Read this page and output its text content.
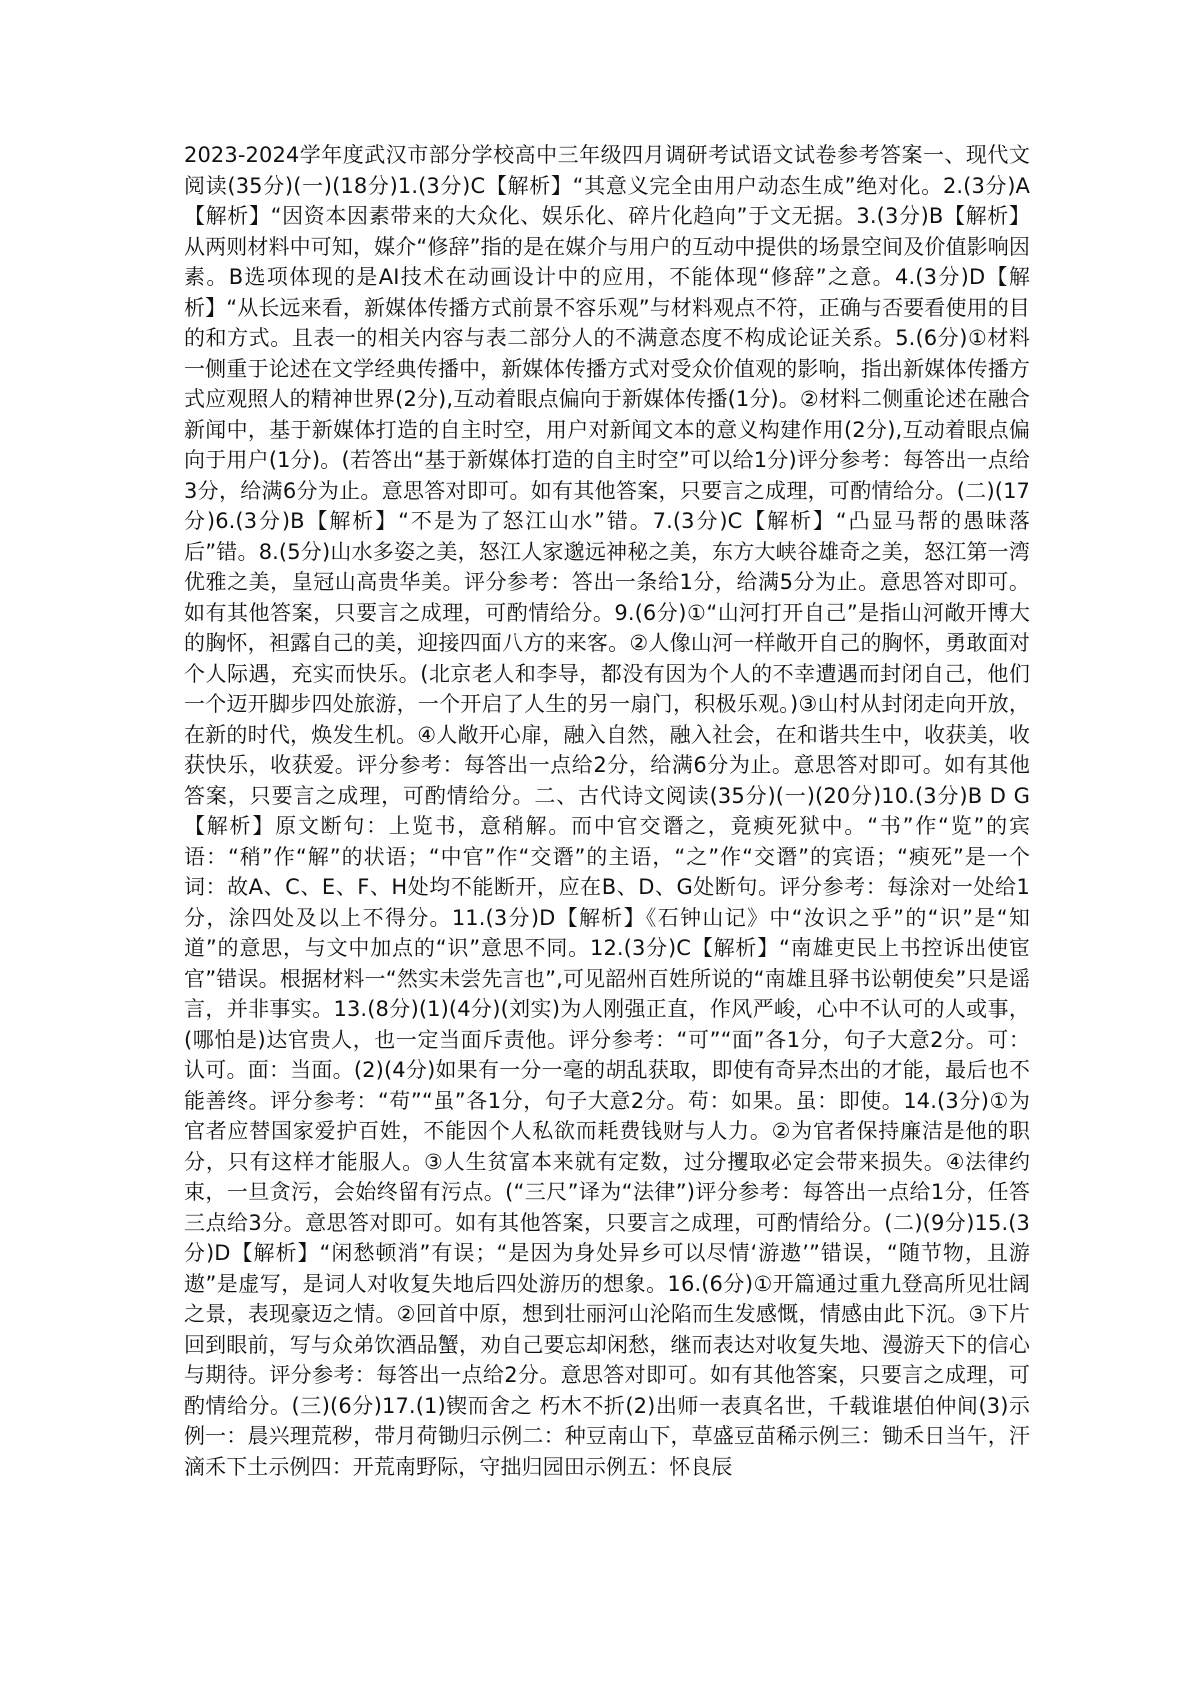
2023-2024学年度武汉市部分学校高中三年级四月调研考试语文试卷参考答案一、现代文阅读(35分)(一)(18分)1.(3分)C【解析】“其意义完全由用户动态生成”绝对化。2.(3分)A【解析】“因资本因素带来的大众化、娱乐化、碎片化趋向”于文无据。3.(3分)B【解析】从两则材料中可知，媒介“修辞”指的是在媒介与用户的互动中提供的场景空间及价值影响因素。B选项体现的是AI技术在动画设计中的应用，不能体现“修辞”之意。4.(3分)D【解析】“从长远来看，新媒体传播方式前景不容乐观”与材料观点不符，正确与否要看使用的目的和方式。且表一的相关内容与表二部分人的不满意态度不构成论证关系。5.(6分)①材料一侧重于论述在文学经典传播中，新媒体传播方式对受众价值观的影响，指出新媒体传播方式应观照人的精神世界(2分),互动着眼点偏向于新媒体传播(1分)。②材料二侧重论述在融合新闻中，基于新媒体打造的自主时空，用户对新闻文本的意义构建作用(2分),互动着眼点偏向于用户(1分)。(若答出“基于新媒体打造的自主时空”可以给1分)评分参考：每答出一点给3分，给满6分为止。意思答对即可。如有其他答案，只要言之成理，可酌情给分。(二)(17分)6.(3分)B【解析】“不是为了怒江山水”错。7.(3分)C【解析】“凸显马帮的愚昧落后”错。8.(5分)山水多姿之美，怒江人家邈远神秘之美，东方大峡谷雄奇之美，怒江第一湾优雅之美，皇冠山高贵华美。评分参考：答出一条给1分，给满5分为止。意思答对即可。如有其他答案，只要言之成理，可酌情给分。9.(6分)①“山河打开自己”是指山河敞开博大的胸怀，袒露自己的美，迎接四面八方的来客。②人像山河一样敞开自己的胸怀，勇敢面对个人际遇，充实而快乐。(北京老人和李导，都没有因为个人的不幸遭遇而封闭自己，他们一个迈开脚步四处旅游，一个开启了人生的另一扇门，积极乐观。)③山村从封闭走向开放，在新的时代，焕发生机。④人敞开心扉，融入自然，融入社会，在和谐共生中，收获美，收获快乐，收获爱。评分参考：每答出一点给2分，给满6分为止。意思答对即可。如有其他答案，只要言之成理，可酌情给分。二、古代诗文阅读(35分)(一)(20分)10.(3分)B D G【解析】原文断句：上览书，意稍解。而中官交谮之，竟瘐死狱中。“书”作“览”的宾语：“稍”作“解”的状语；“中官”作“交谮”的主语，“之”作“交谮”的宾语；“瘐死”是一个词：故A、C、E、F、H处均不能断开，应在B、D、G处断句。评分参考：每涂对一处给1分，涂四处及以上不得分。11.(3分)D【解析】《石钟山记》中“汝识之乎”的“识”是“知道”的意思，与文中加点的“识”意思不同。12.(3分)C【解析】“南雄吏民上书控诉出使宦官”错误。根据材料一“然实未尝先言也”,可见韶州百姓所说的“南雄且驿书讼朝使矣”只是谣言，并非事实。13.(8分)(1)(4分)(刘实)为人刚强正直，作风严峻，心中不认可的人或事，(哪怕是)达官贵人，也一定当面斥责他。评分参考：“可”“面”各1分，句子大意2分。可：认可。面：当面。(2)(4分)如果有一分一毫的胡乱获取，即使有奇异杰出的才能，最后也不能善终。评分参考：“苟”“虽”各1分，句子大意2分。苟：如果。虽：即使。14.(3分)①为官者应替国家爱护百姓，不能因个人私欲而耗费钱财与人力。②为官者保持廉洁是他的职分，只有这样才能服人。③人生贫富本来就有定数，过分攫取必定会带来损失。④法律约束，一旦贪污，会始终留有污点。(“三尺”译为“法律”)评分参考：每答出一点给1分，任答三点给3分。意思答对即可。如有其他答案，只要言之成理，可酌情给分。(二)(9分)15.(3分)D【解析】“闲愁顿消”有误；“是因为身处异乡可以尽情‘游遨’”错误，“随节物，且游遨”是虚写，是词人对收复失地后四处游历的想象。16.(6分)①开篇通过重九登高所见壮阔之景，表现豪迈之情。②回首中原，想到壮丽河山沦陷而生发感慨，情感由此下沉。③下片回到眼前，写与众弟饮酒品蟹，劝自己要忘却闲愁，继而表达对收复失地、漫游天下的信心与期待。评分参考：每答出一点给2分。意思答对即可。如有其他答案，只要言之成理，可酌情给分。(三)(6分)17.(1)锲而舍之 朽木不折(2)出师一表真名世，千载谁堪伯仲间(3)示例一：晨兴理荒秽，带月荷锄归示例二：种豆南山下，草盛豆苗稀示例三：锄禾日当午，汗滴禾下土示例四：开荒南野际，守拙归园田示例五：怀良辰
